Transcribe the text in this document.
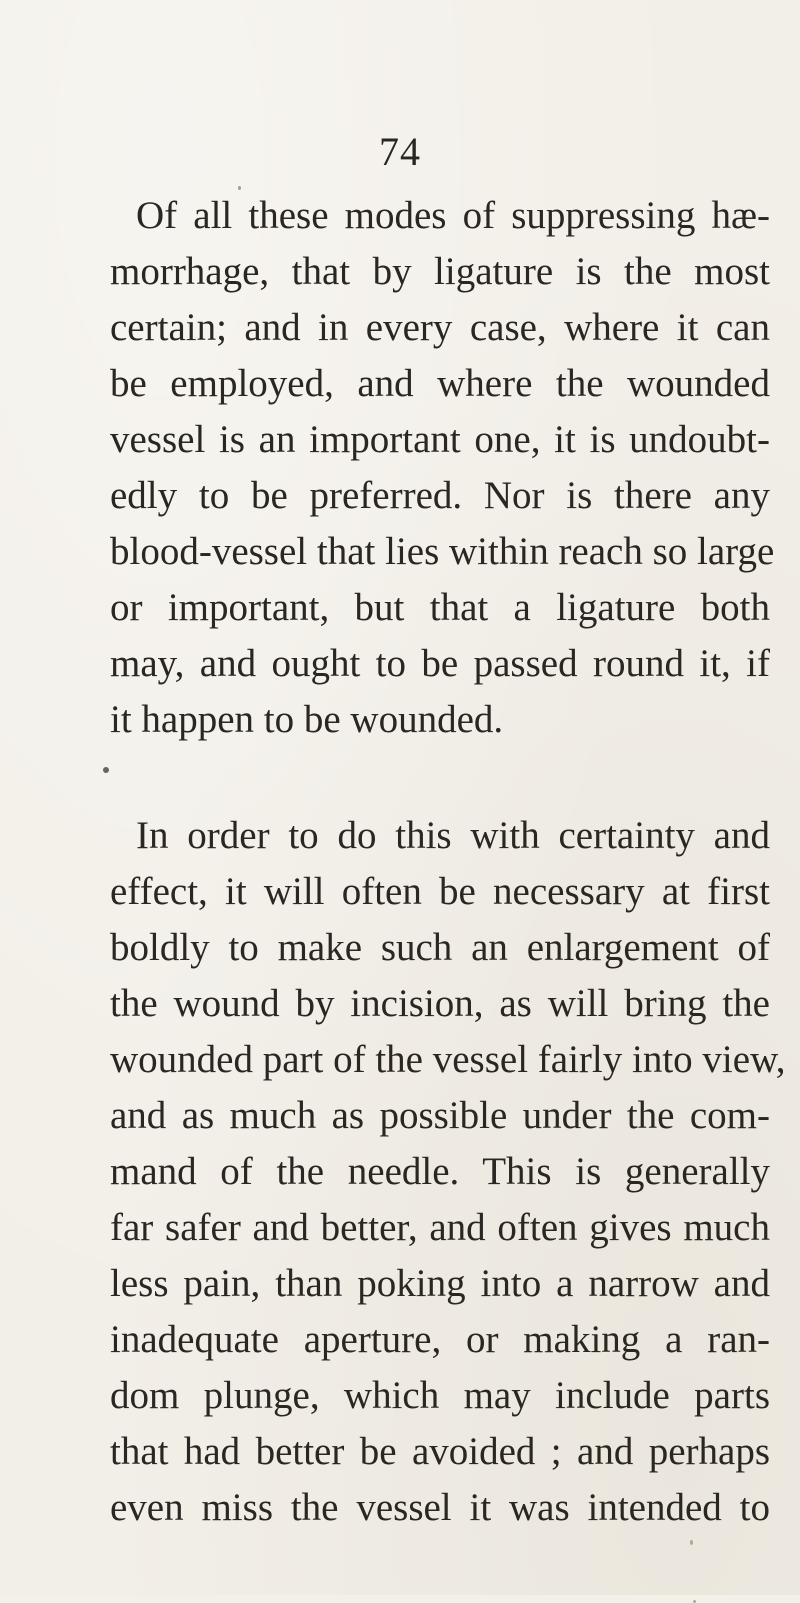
74
Of all these modes of suppressing hæ-
morrhage, that by ligature is the most
certain; and in every case, where it can
be employed, and where the wounded
vessel is an important one, it is undoubt-
edly to be preferred. Nor is there any
blood-vessel that lies within reach so large
or important, but that a ligature both
may, and ought to be passed round it, if
it happen to be wounded.
In order to do this with certainty and
effect, it will often be necessary at first
boldly to make such an enlargement of
the wound by incision, as will bring the
wounded part of the vessel fairly into view,
and as much as possible under the com-
mand of the needle. This is generally
far safer and better, and often gives much
less pain, than poking into a narrow and
inadequate aperture, or making a ran-
dom plunge, which may include parts
that had better be avoided ; and perhaps
even miss the vessel it was intended to
